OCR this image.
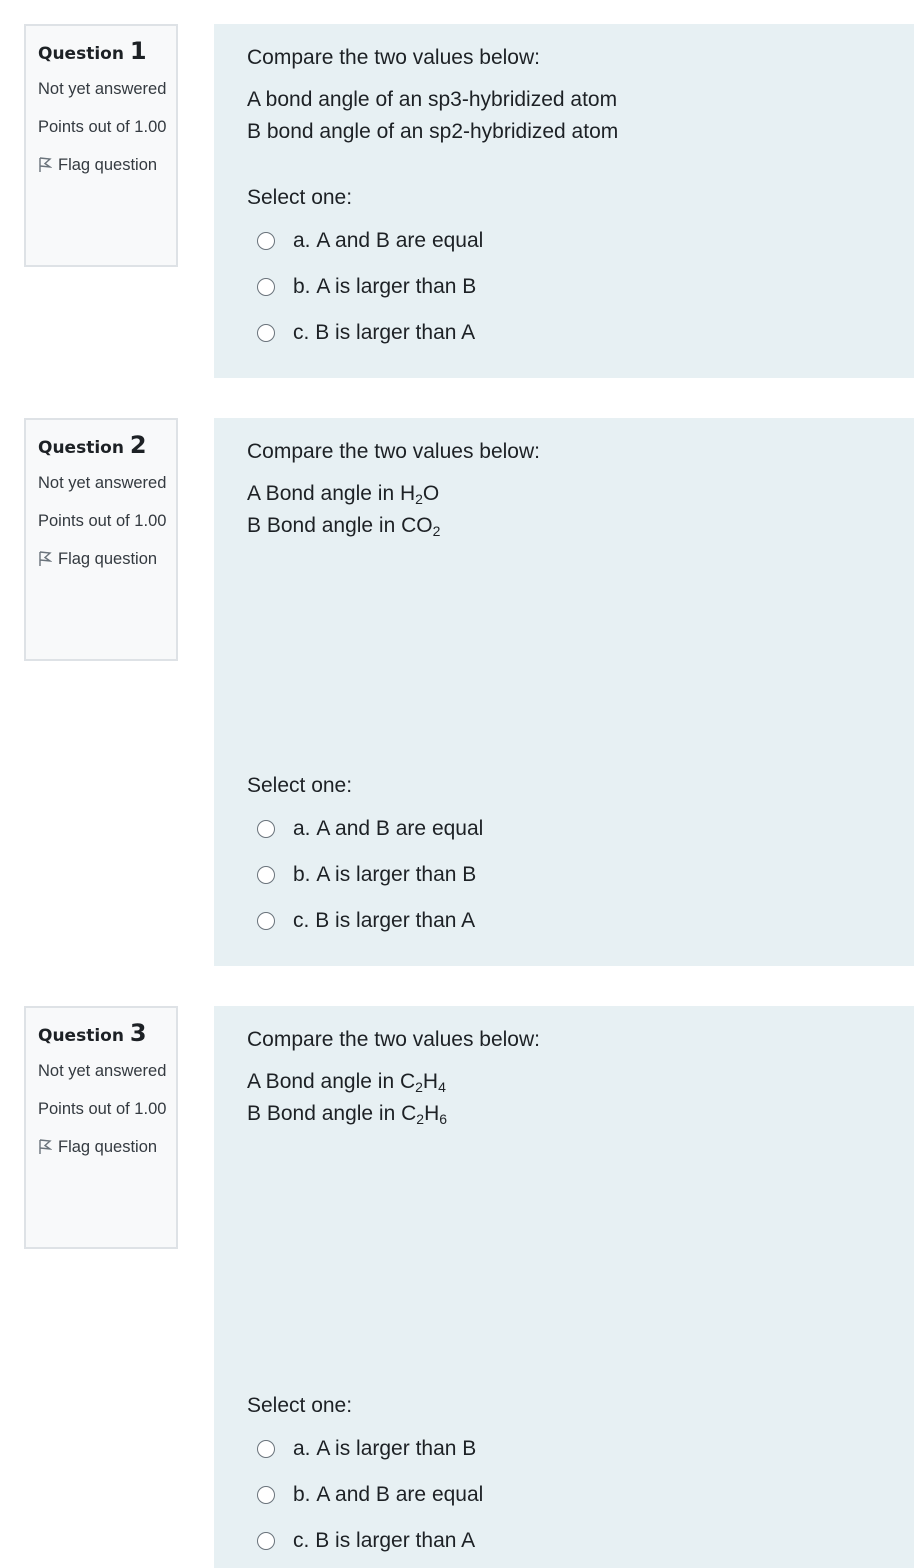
Question 1
Not yet answered
Points out of 1.00
Flag question
Compare the two values below:
A bond angle of an sp3-hybridized atom
B bond angle of an sp2-hybridized atom
Select one:
a.
A and B are equal
b.
A is larger than B
c.
B is larger than A
Question 2
Not yet answered
Points out of 1.00
Flag question
Compare the two values below:
A Bond angle in $H_2O$
B Bond angle in $CO_2$
Select one:
a.
A and B are equal
b.
A is larger than B
c.
B is larger than A
Question 3
Not yet answered
Points out of 1.00
Flag question
Compare the two values below:
A Bond angle in $C_2H_4$
B Bond angle in $C_2H_6$
Select one:
a.
A is larger than B
b.
A and B are equal
c.
B is larger than A
